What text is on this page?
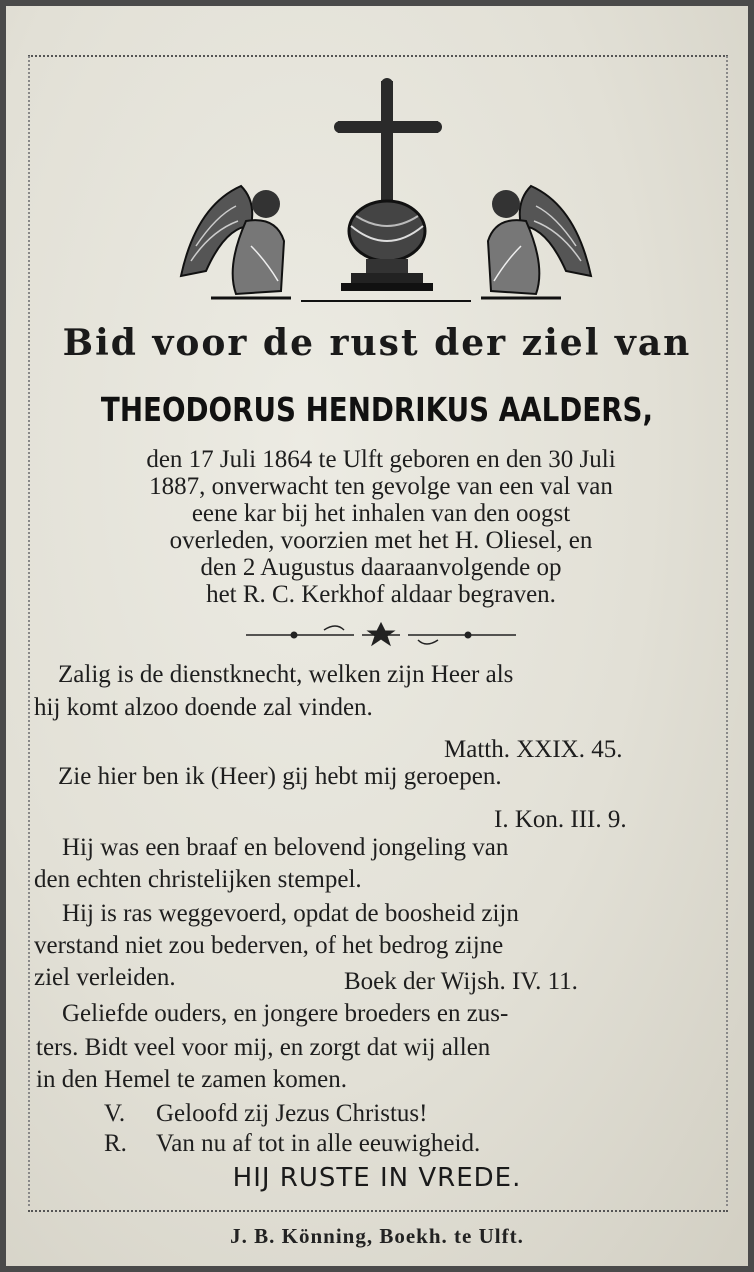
Bid voor de rust der ziel van
THEODORUS HENDRIKUS AALDERS,
den 17 Juli 1864 te Ulft geboren en den 30 Juli
1887, onverwacht ten gevolge van een val van
eene kar bij het inhalen van den oogst
overleden, voorzien met het H. Oliesel, en
den 2 Augustus daaraanvolgende op
het R. C. Kerkhof aldaar begraven.
Zalig is de dienstknecht, welken zijn Heer als
hij komt alzoo doende zal vinden.
Matth. XXIX. 45.
Zie hier ben ik (Heer) gij hebt mij geroepen.
I. Kon. III. 9.
Hij was een braaf en belovend jongeling van
den echten christelijken stempel.
Hij is ras weggevoerd, opdat de boosheid zijn
verstand niet zou bederven, of het bedrog zijne
ziel verleiden.	Boek der Wijsh. IV. 11.
Geliefde ouders, en jongere broeders en zus-
ters. Bidt veel voor mij, en zorgt dat wij allen
in den Hemel te zamen komen.
V. Geloofd zij Jezus Christus!
R. Van nu af tot in alle eeuwigheid.
HIJ RUSTE IN VREDE.
J. B. Könning, Boekh. te Ulft.
